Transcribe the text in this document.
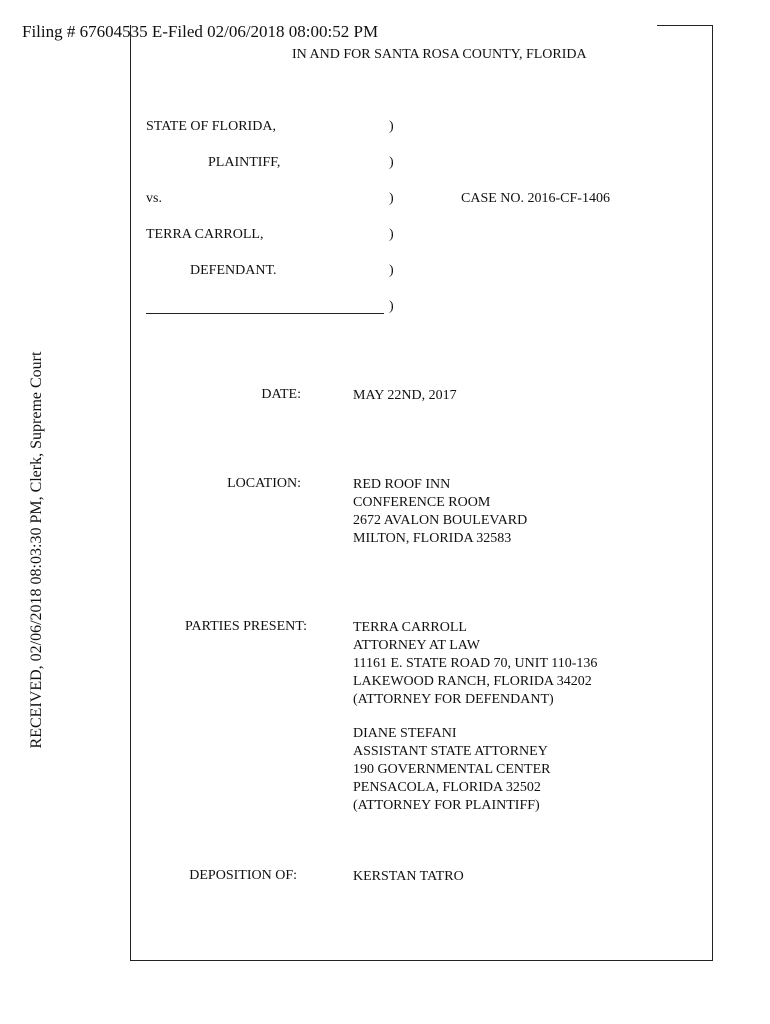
Filing # 67604535 E-Filed 02/06/2018 08:00:52 PM
RECEIVED, 02/06/2018 08:03:30 PM, Clerk, Supreme Court
IN AND FOR SANTA ROSA COUNTY, FLORIDA
STATE OF FLORIDA,	)
PLAINTIFF,	)
vs.	)	CASE NO. 2016-CF-1406
TERRA CARROLL,	)
DEFENDANT.	)
)
DATE:	MAY 22ND, 2017
LOCATION:	RED ROOF INN
CONFERENCE ROOM
2672 AVALON BOULEVARD
MILTON, FLORIDA 32583
PARTIES PRESENT:	TERRA CARROLL
ATTORNEY AT LAW
11161 E. STATE ROAD 70, UNIT 110-136
LAKEWOOD RANCH, FLORIDA 34202
(ATTORNEY FOR DEFENDANT)
DIANE STEFANI
ASSISTANT STATE ATTORNEY
190 GOVERNMENTAL CENTER
PENSACOLA, FLORIDA 32502
(ATTORNEY FOR PLAINTIFF)
DEPOSITION OF:	KERSTAN TATRO
